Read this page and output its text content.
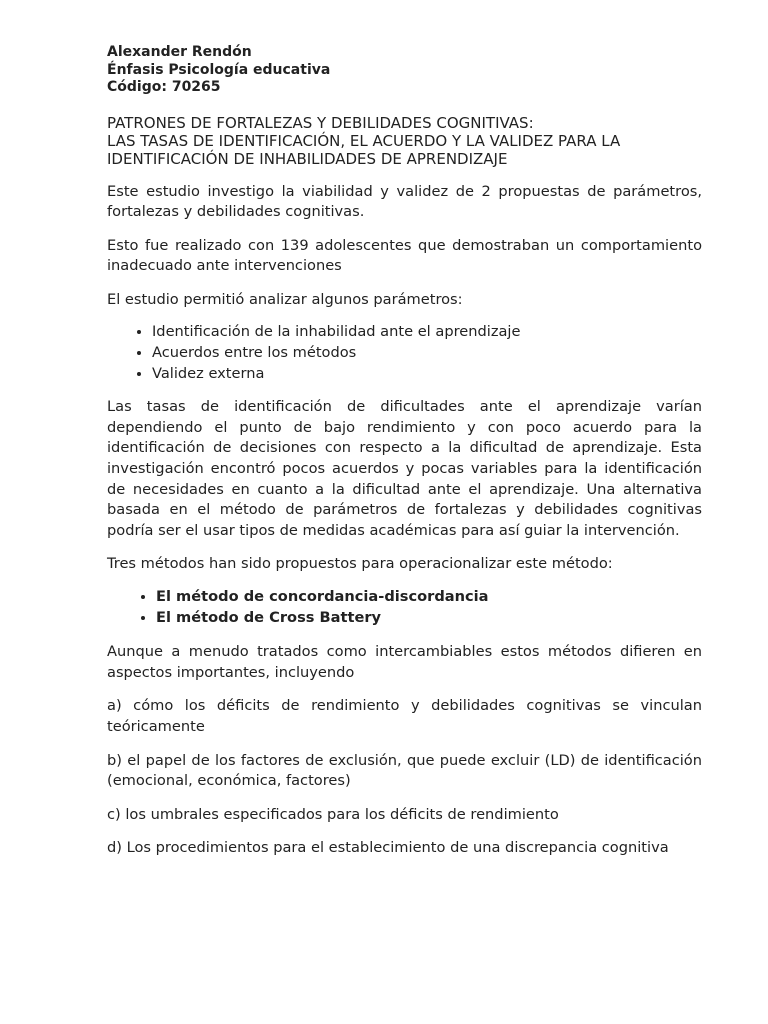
Alexander Rendón
Énfasis Psicología educativa
Código: 70265
PATRONES DE FORTALEZAS Y DEBILIDADES COGNITIVAS:
LAS TASAS DE IDENTIFICACIÓN, EL ACUERDO Y LA VALIDEZ PARA LA
IDENTIFICACIÓN DE INHABILIDADES DE APRENDIZAJE

Este estudio investigo la viabilidad y validez de 2 propuestas de parámetros, fortalezas y debilidades cognitivas.

Esto fue realizado con 139 adolescentes que demostraban un comportamiento inadecuado ante intervenciones

El estudio permitió analizar algunos parámetros:

• Identificación de la inhabilidad ante el aprendizaje
• Acuerdos entre los métodos
• Validez externa

Las tasas de identificación de dificultades ante el aprendizaje varían dependiendo el punto de bajo rendimiento y con poco acuerdo para la identificación de decisiones con respecto a la dificultad de aprendizaje. Esta investigación encontró pocos acuerdos y pocas variables para la identificación de necesidades en cuanto a la dificultad ante el aprendizaje. Una alternativa basada en el método de parámetros de fortalezas y debilidades cognitivas podría ser el usar tipos de medidas académicas para así guiar la intervención.

Tres métodos han sido propuestos para operacionalizar este método:

• El método de concordancia-discordancia
• El método de Cross Battery

Aunque a menudo tratados como intercambiables estos métodos difieren en aspectos importantes, incluyendo

a) cómo los déficits de rendimiento y debilidades cognitivas se vinculan teóricamente

b) el papel de los factores de exclusión, que puede excluir (LD) de identificación (emocional, económica, factores)

c) los umbrales especificados para los déficits de rendimiento

d) Los procedimientos para el establecimiento de una discrepancia cognitiva
